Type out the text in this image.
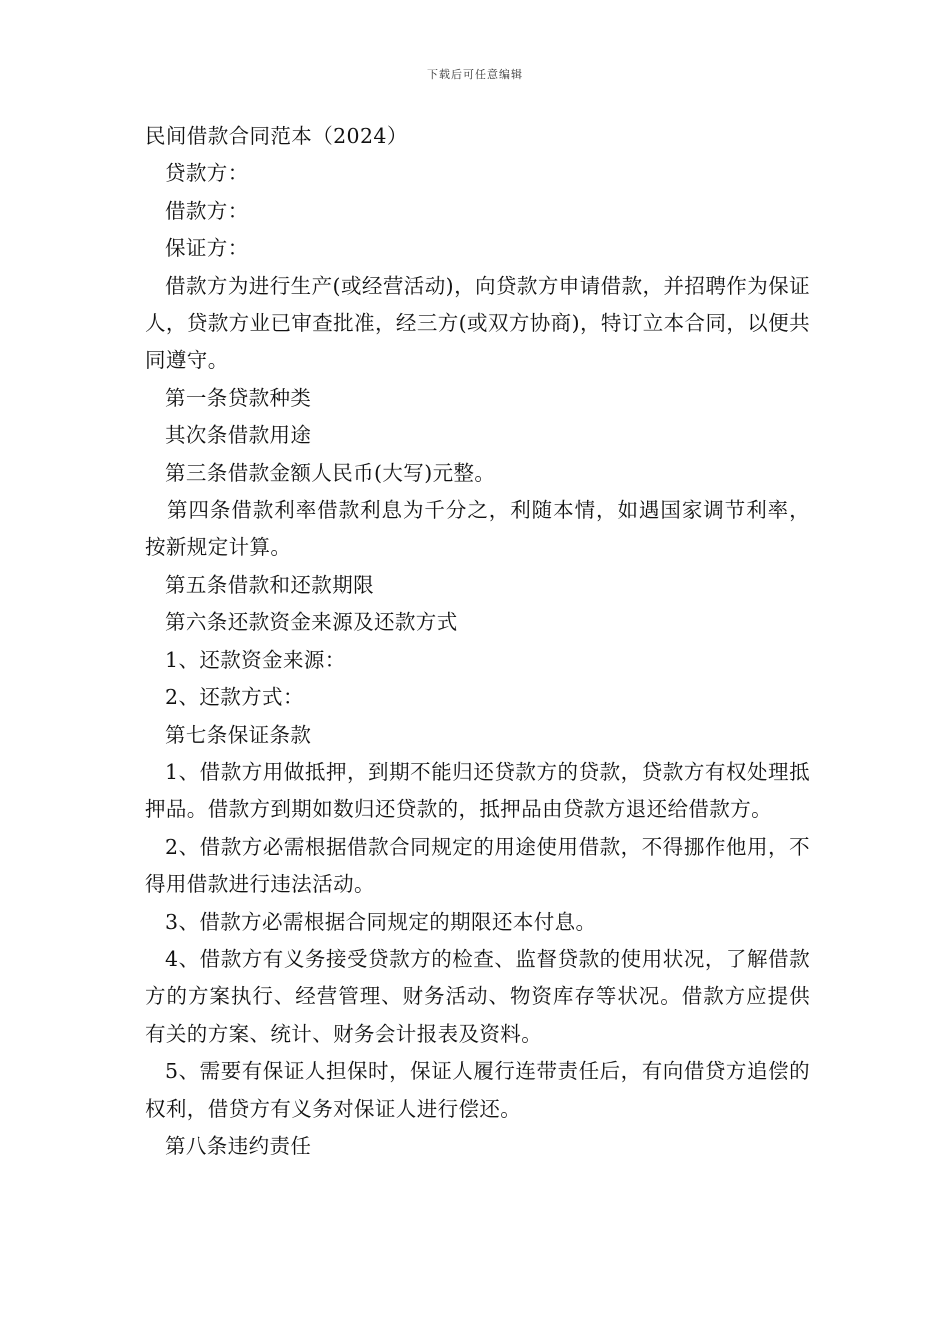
下载后可任意编辑

民间借款合同范本（2024）

贷款方：

借款方：

保证方：

借款方为进行生产(或经营活动)，向贷款方申请借款，并招聘作为保证人，贷款方业已审查批准，经三方(或双方协商)，特订立本合同，以便共同遵守。

第一条贷款种类

其次条借款用途

第三条借款金额人民币(大写)元整。

第四条借款利率借款利息为千分之，利随本情，如遇国家调节利率，按新规定计算。

第五条借款和还款期限

第六条还款资金来源及还款方式

1、还款资金来源：

2、还款方式：

第七条保证条款

1、借款方用做抵押，到期不能归还贷款方的贷款，贷款方有权处理抵押品。借款方到期如数归还贷款的，抵押品由贷款方退还给借款方。

2、借款方必需根据借款合同规定的用途使用借款，不得挪作他用，不得用借款进行违法活动。

3、借款方必需根据合同规定的期限还本付息。

4、借款方有义务接受贷款方的检查、监督贷款的使用状况，了解借款方的方案执行、经营管理、财务活动、物资库存等状况。借款方应提供有关的方案、统计、财务会计报表及资料。

5、需要有保证人担保时，保证人履行连带责任后，有向借贷方追偿的权利，借贷方有义务对保证人进行偿还。

第八条违约责任
